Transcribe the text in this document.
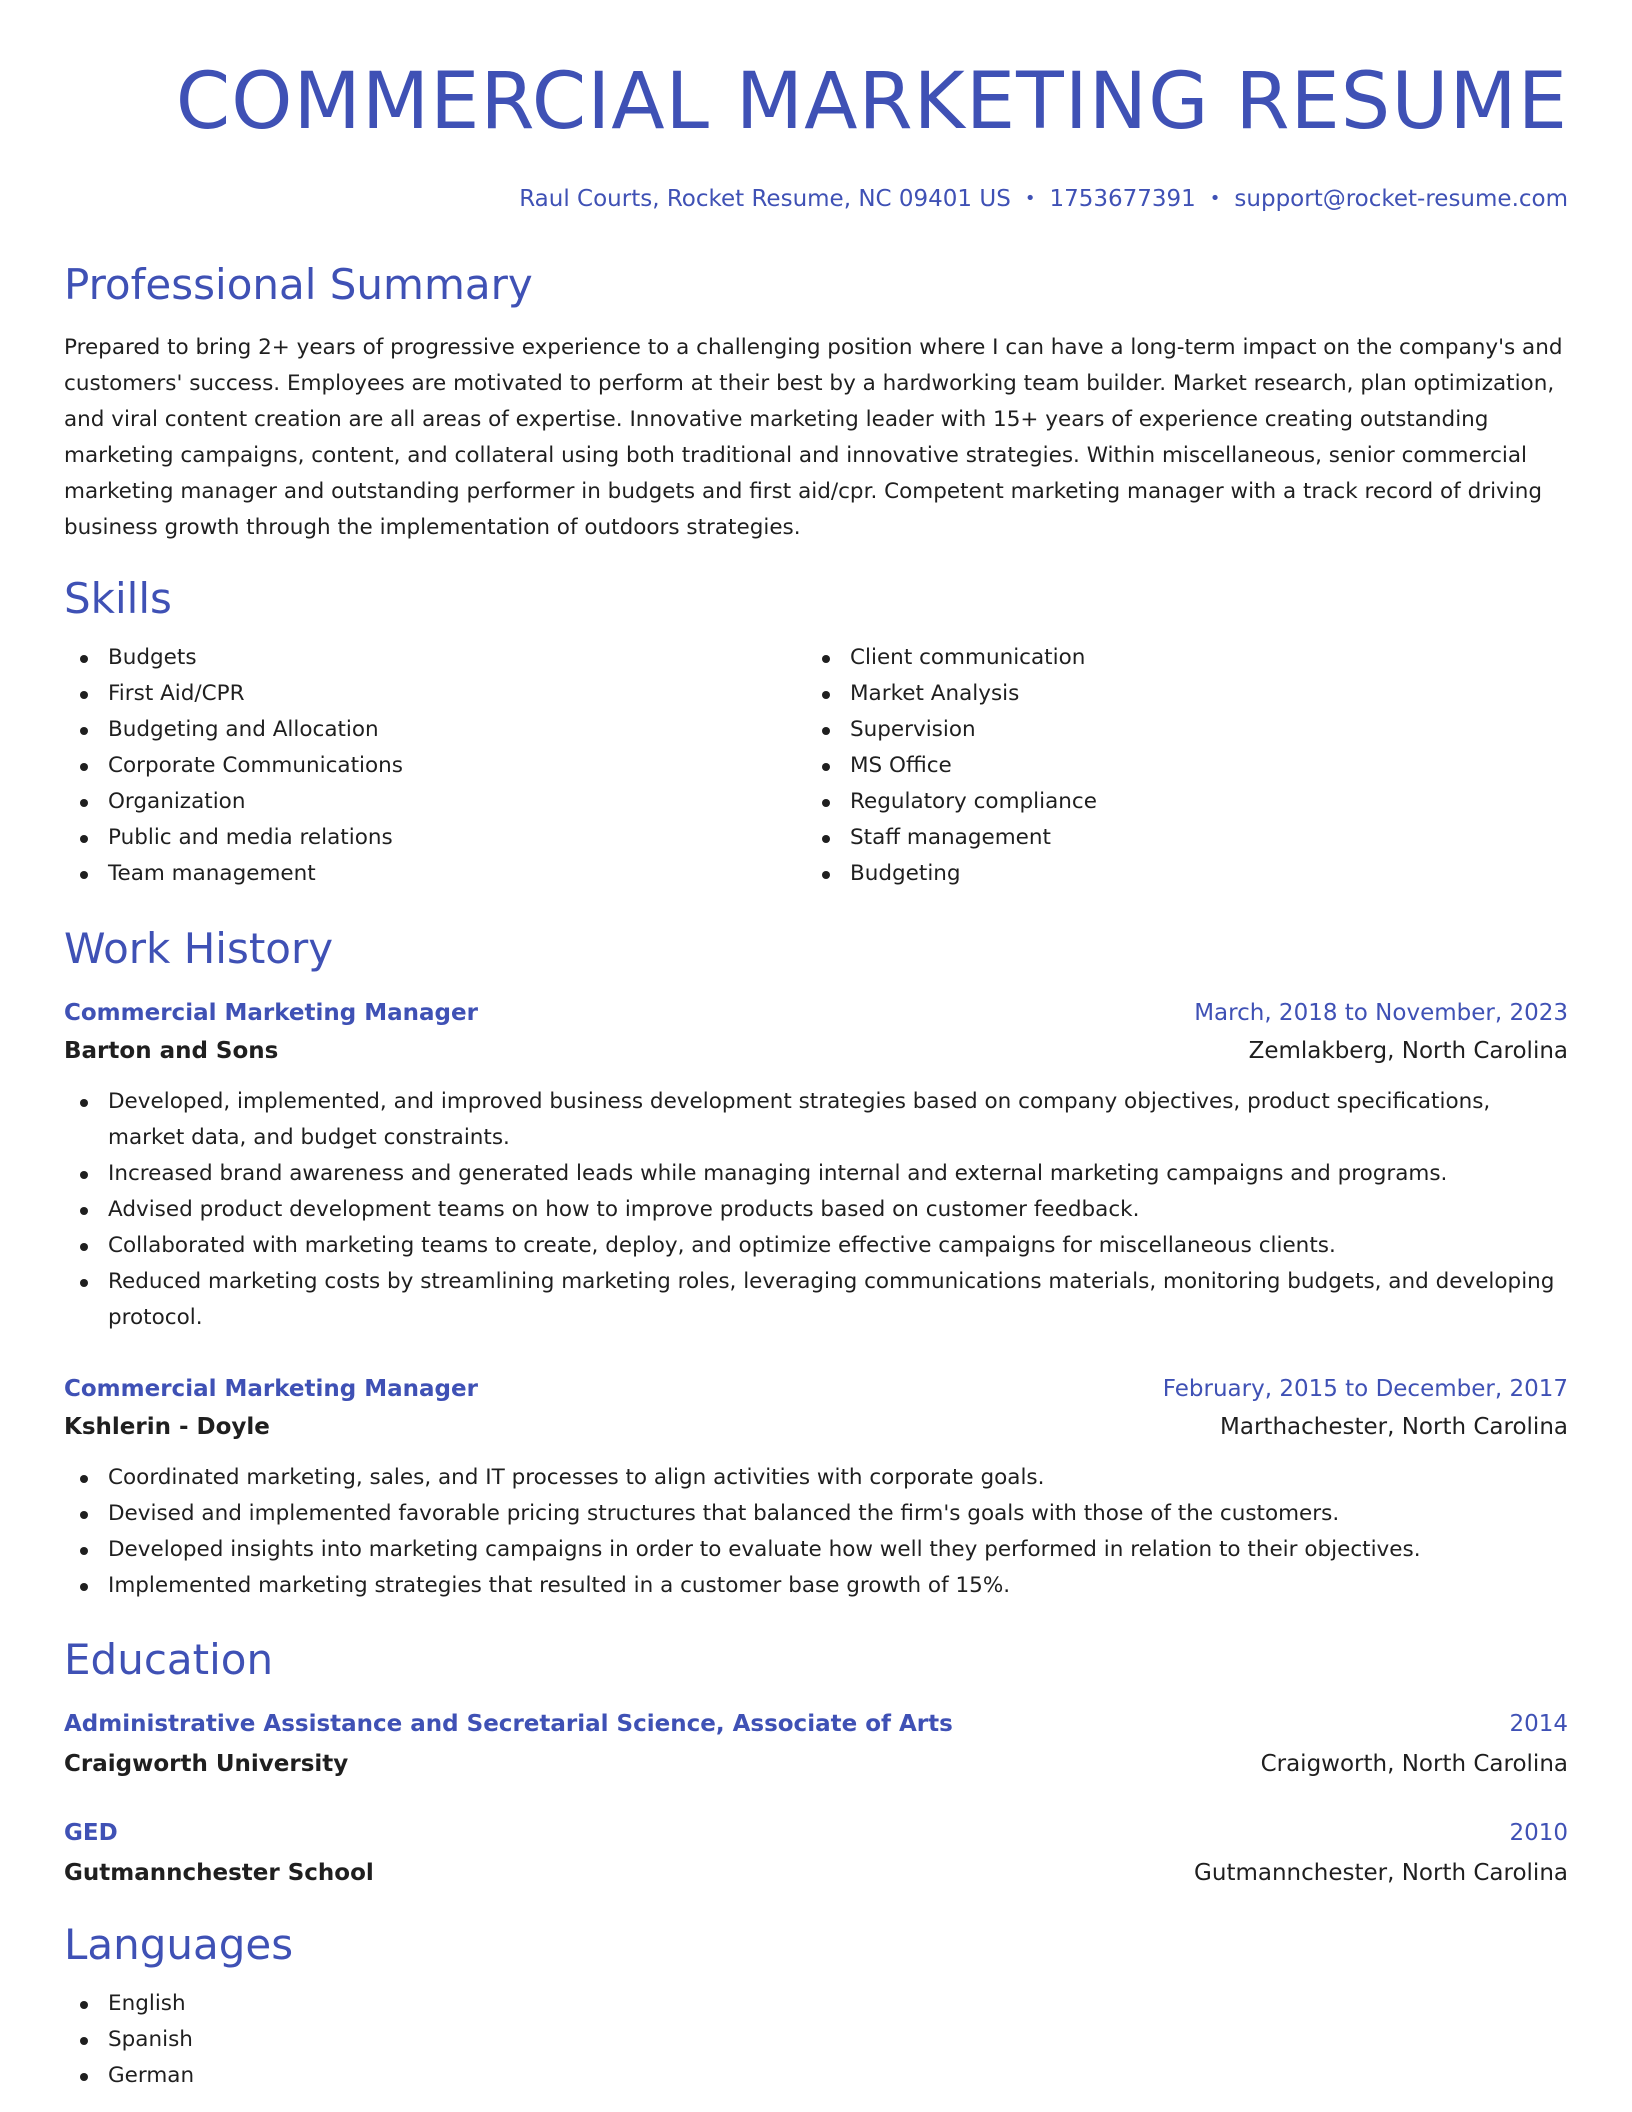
COMMERCIAL MARKETING RESUME
Raul Courts, Rocket Resume, NC 09401 US • 1753677391 • support@rocket-resume.com
Professional Summary

Prepared to bring 2+ years of progressive experience to a challenging position where I can have a long-term impact on the company's and customers' success. Employees are motivated to perform at their best by a hardworking team builder. Market research, plan optimization, and viral content creation are all areas of expertise. Innovative marketing leader with 15+ years of experience creating outstanding marketing campaigns, content, and collateral using both traditional and innovative strategies. Within miscellaneous, senior commercial marketing manager and outstanding performer in budgets and first aid/cpr. Competent marketing manager with a track record of driving business growth through the implementation of outdoors strategies.

Skills
Budgets
First Aid/CPR
Budgeting and Allocation
Corporate Communications
Organization
Public and media relations
Team management
Client communication
Market Analysis
Supervision
MS Office
Regulatory compliance
Staff management
Budgeting
Work History
Commercial Marketing Manager	March, 2018 to November, 2023
Barton and Sons	Zemlakberg, North Carolina
Developed, implemented, and improved business development strategies based on company objectives, product specifications, market data, and budget constraints.
Increased brand awareness and generated leads while managing internal and external marketing campaigns and programs.
Advised product development teams on how to improve products based on customer feedback.
Collaborated with marketing teams to create, deploy, and optimize effective campaigns for miscellaneous clients.
Reduced marketing costs by streamlining marketing roles, leveraging communications materials, monitoring budgets, and developing protocol.
Commercial Marketing Manager	February, 2015 to December, 2017
Kshlerin - Doyle	Marthachester, North Carolina
Coordinated marketing, sales, and IT processes to align activities with corporate goals.
Devised and implemented favorable pricing structures that balanced the firm's goals with those of the customers.
Developed insights into marketing campaigns in order to evaluate how well they performed in relation to their objectives.
Implemented marketing strategies that resulted in a customer base growth of 15%.
Education
Administrative Assistance and Secretarial Science, Associate of Arts	2014
Craigworth University	Craigworth, North Carolina
GED	2010
Gutmannchester School	Gutmannchester, North Carolina
Languages
English
Spanish
German
